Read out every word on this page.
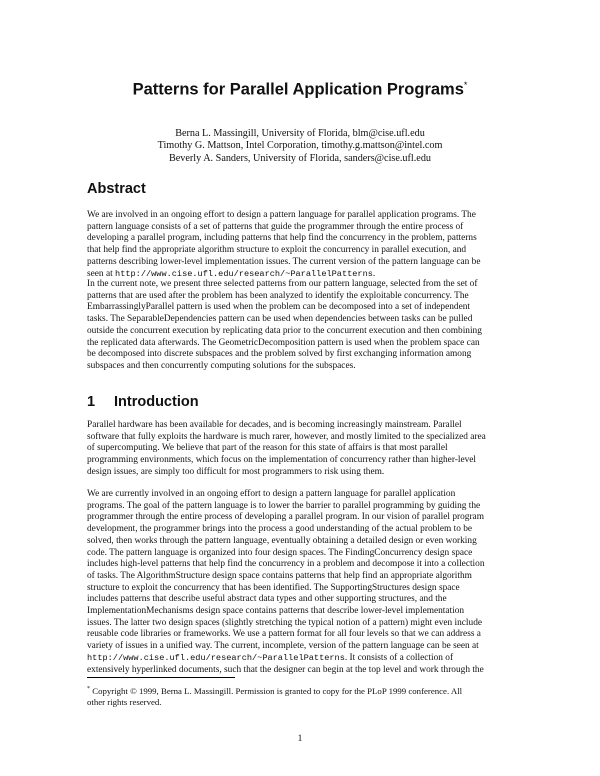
Patterns for Parallel Application Programs*
Berna L. Massingill, University of Florida, blm@cise.ufl.edu
Timothy G. Mattson, Intel Corporation, timothy.g.mattson@intel.com
Beverly A. Sanders, University of Florida, sanders@cise.ufl.edu
Abstract
We are involved in an ongoing effort to design a pattern language for parallel application programs. The
pattern language consists of a set of patterns that guide the programmer through the entire process of
developing a parallel program, including patterns that help find the concurrency in the problem, patterns
that help find the appropriate algorithm structure to exploit the concurrency in parallel execution, and
patterns describing lower-level implementation issues. The current version of the pattern language can be
seen at http://www.cise.ufl.edu/research/~ParallelPatterns.
In the current note, we present three selected patterns from our pattern language, selected from the set of
patterns that are used after the problem has been analyzed to identify the exploitable concurrency. The
EmbarrassinglyParallel pattern is used when the problem can be decomposed into a set of independent
tasks. The SeparableDependencies pattern can be used when dependencies between tasks can be pulled
outside the concurrent execution by replicating data prior to the concurrent execution and then combining
the replicated data afterwards. The GeometricDecomposition pattern is used when the problem space can
be decomposed into discrete subspaces and the problem solved by first exchanging information among
subspaces and then concurrently computing solutions for the subspaces.
1 Introduction
Parallel hardware has been available for decades, and is becoming increasingly mainstream. Parallel
software that fully exploits the hardware is much rarer, however, and mostly limited to the specialized area
of supercomputing. We believe that part of the reason for this state of affairs is that most parallel
programming environments, which focus on the implementation of concurrency rather than higher-level
design issues, are simply too difficult for most programmers to risk using them.
We are currently involved in an ongoing effort to design a pattern language for parallel application
programs. The goal of the pattern language is to lower the barrier to parallel programming by guiding the
programmer through the entire process of developing a parallel program. In our vision of parallel program
development, the programmer brings into the process a good understanding of the actual problem to be
solved, then works through the pattern language, eventually obtaining a detailed design or even working
code. The pattern language is organized into four design spaces. The FindingConcurrency design space
includes high-level patterns that help find the concurrency in a problem and decompose it into a collection
of tasks. The AlgorithmStructure design space contains patterns that help find an appropriate algorithm
structure to exploit the concurrency that has been identified. The SupportingStructures design space
includes patterns that describe useful abstract data types and other supporting structures, and the
ImplementationMechanisms design space contains patterns that describe lower-level implementation
issues. The latter two design spaces (slightly stretching the typical notion of a pattern) might even include
reusable code libraries or frameworks. We use a pattern format for all four levels so that we can address a
variety of issues in a unified way. The current, incomplete, version of the pattern language can be seen at
http://www.cise.ufl.edu/research/~ParallelPatterns. It consists of a collection of
extensively hyperlinked documents, such that the designer can begin at the top level and work through the
* Copyright © 1999, Berna L. Massingill. Permission is granted to copy for the PLoP 1999 conference. All
other rights reserved.
1
